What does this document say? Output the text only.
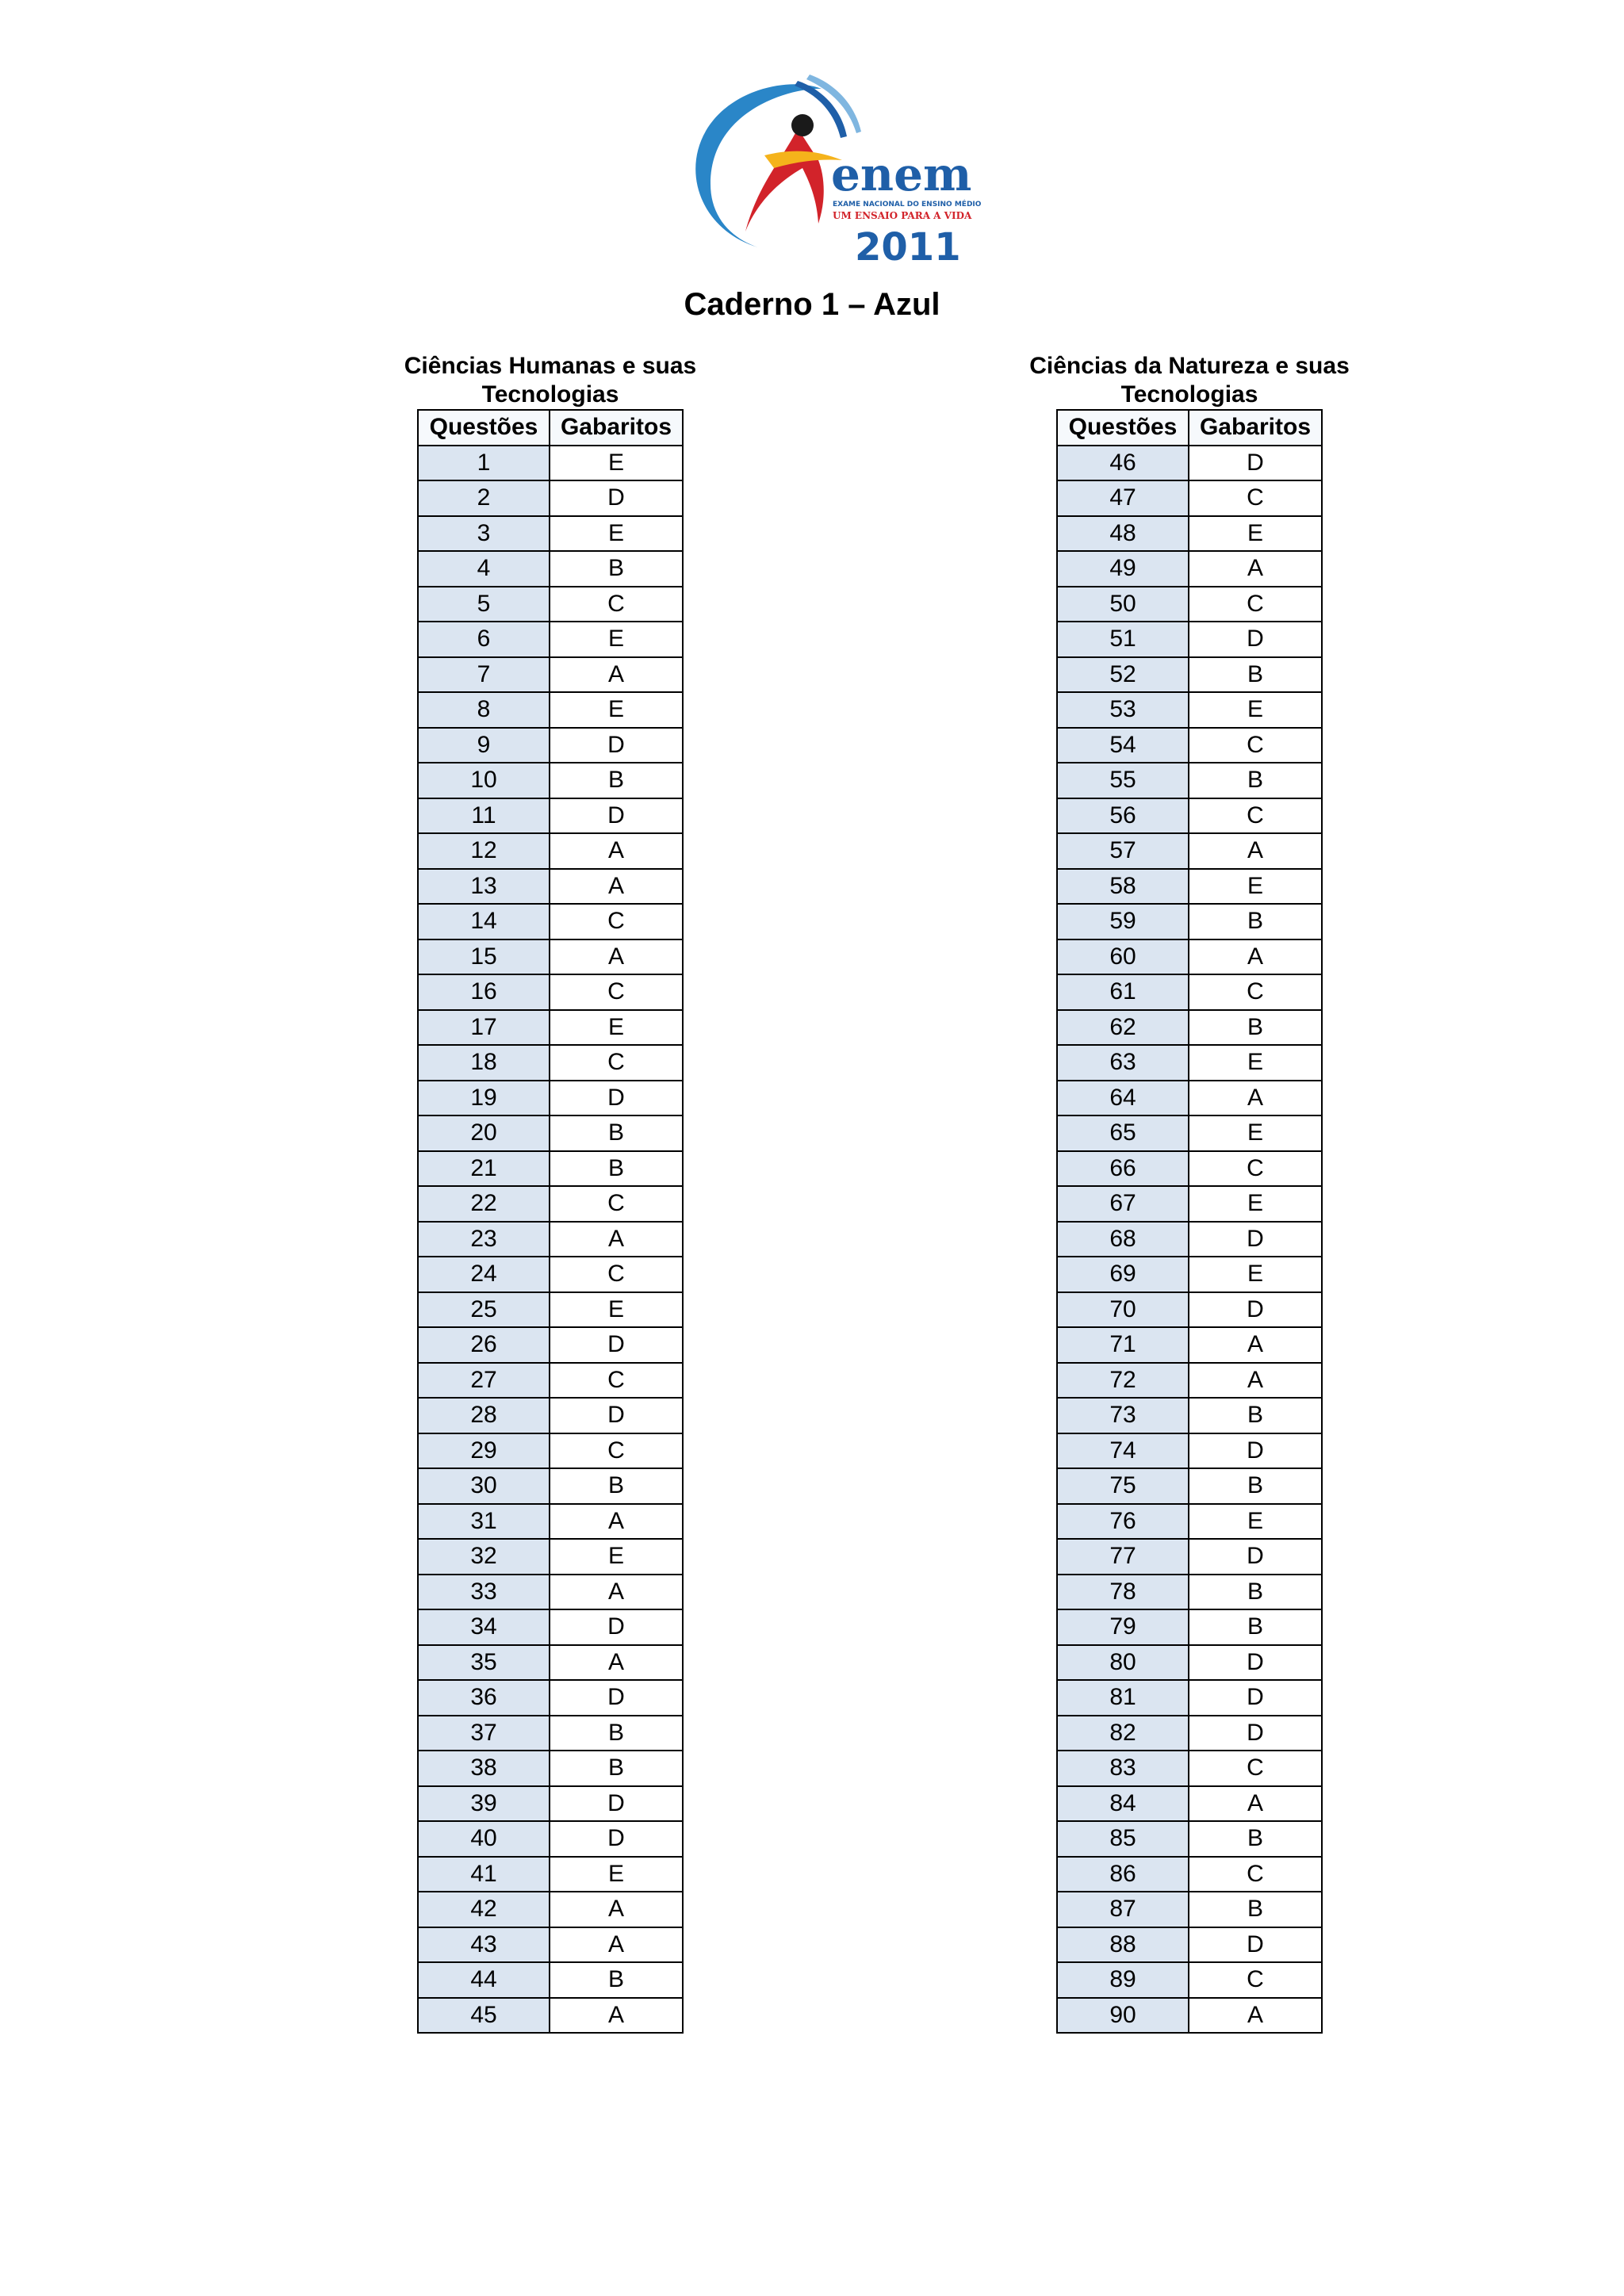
enem
EXAME NACIONAL DO ENSINO MÉDIO
UM ENSAIO PARA A VIDA
2011
Caderno 1 – Azul
Ciências Humanas e suas
Tecnologias
Questões	Gabaritos
1	E
2	D
3	E
4	B
5	C
6	E
7	A
8	E
9	D
10	B
11	D
12	A
13	A
14	C
15	A
16	C
17	E
18	C
19	D
20	B
21	B
22	C
23	A
24	C
25	E
26	D
27	C
28	D
29	C
30	B
31	A
32	E
33	A
34	D
35	A
36	D
37	B
38	B
39	D
40	D
41	E
42	A
43	A
44	B
45	A
Ciências da Natureza e suas
Tecnologias
Questões	Gabaritos
46	D
47	C
48	E
49	A
50	C
51	D
52	B
53	E
54	C
55	B
56	C
57	A
58	E
59	B
60	A
61	C
62	B
63	E
64	A
65	E
66	C
67	E
68	D
69	E
70	D
71	A
72	A
73	B
74	D
75	B
76	E
77	D
78	B
79	B
80	D
81	D
82	D
83	C
84	A
85	B
86	C
87	B
88	D
89	C
90	A
